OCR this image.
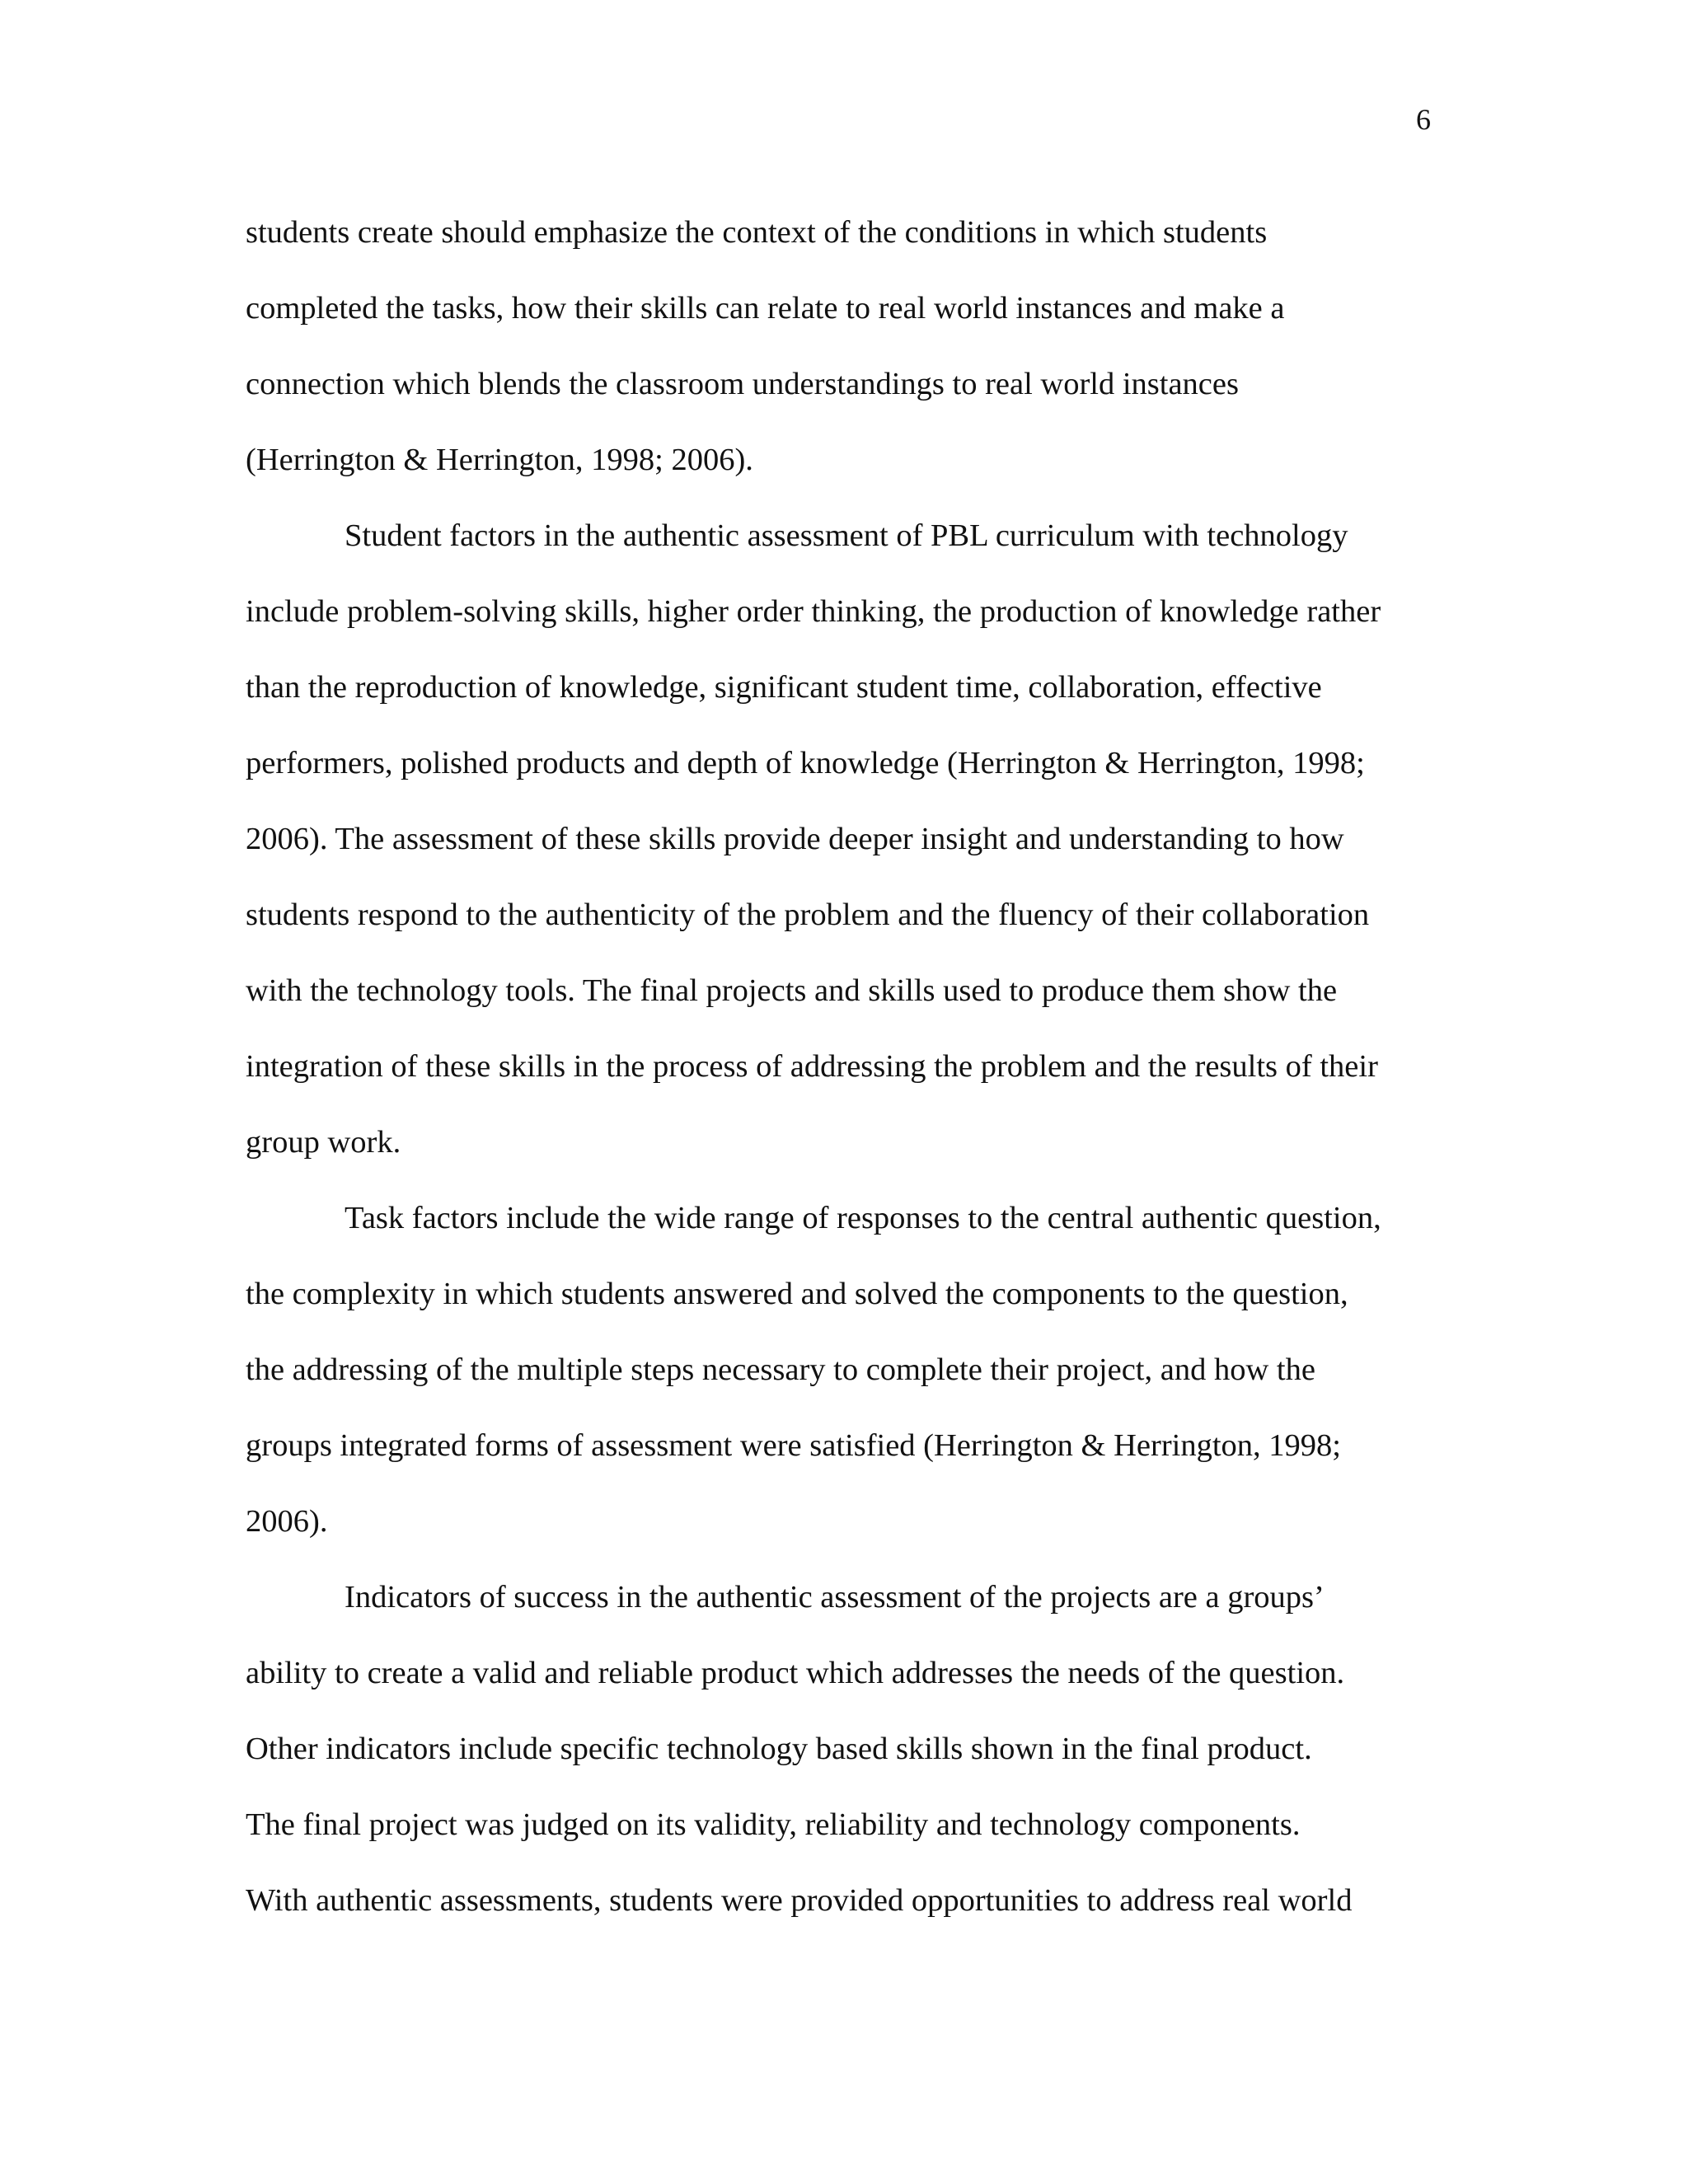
6

students create should emphasize the context of the conditions in which students
completed the tasks, how their skills can relate to real world instances and make a
connection which blends the classroom understandings to real world instances
(Herrington & Herrington, 1998; 2006).

Student factors in the authentic assessment of PBL curriculum with technology
include problem-solving skills, higher order thinking, the production of knowledge rather
than the reproduction of knowledge, significant student time, collaboration, effective
performers, polished products and depth of knowledge (Herrington & Herrington, 1998;
2006). The assessment of these skills provide deeper insight and understanding to how
students respond to the authenticity of the problem and the fluency of their collaboration
with the technology tools. The final projects and skills used to produce them show the
integration of these skills in the process of addressing the problem and the results of their
group work.

Task factors include the wide range of responses to the central authentic question,
the complexity in which students answered and solved the components to the question,
the addressing of the multiple steps necessary to complete their project, and how the
groups integrated forms of assessment were satisfied (Herrington & Herrington, 1998;
2006).

Indicators of success in the authentic assessment of the projects are a groups’
ability to create a valid and reliable product which addresses the needs of the question.
Other indicators include specific technology based skills shown in the final product.
The final project was judged on its validity, reliability and technology components.
With authentic assessments, students were provided opportunities to address real world
